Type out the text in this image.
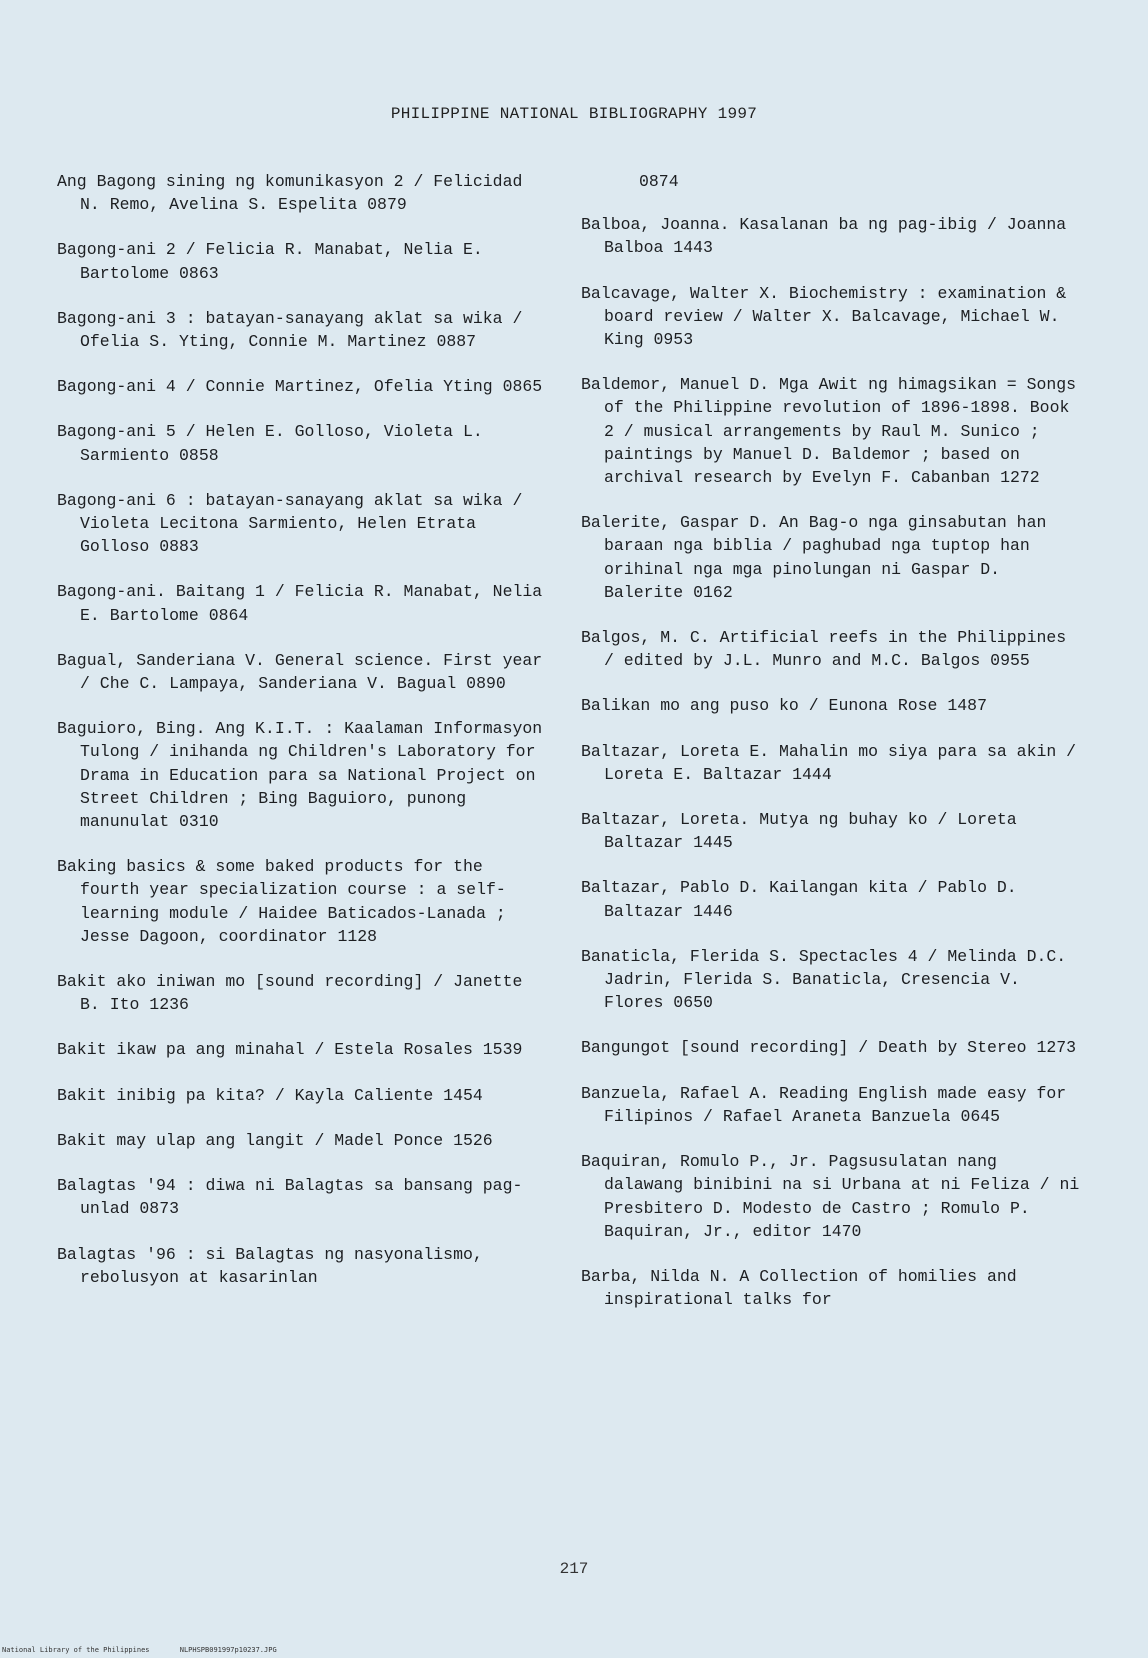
PHILIPPINE NATIONAL BIBLIOGRAPHY 1997
Ang Bagong sining ng komunikasyon 2 / Felicidad N. Remo, Avelina S. Espelita 0879
Bagong-ani 2 / Felicia R. Manabat, Nelia E. Bartolome 0863
Bagong-ani 3 : batayan-sanayang aklat sa wika / Ofelia S. Yting, Connie M. Martinez 0887
Bagong-ani 4 / Connie Martinez, Ofelia Yting 0865
Bagong-ani 5 / Helen E. Golloso, Violeta L. Sarmiento 0858
Bagong-ani 6 : batayan-sanayang aklat sa wika / Violeta Lecitona Sarmiento, Helen Etrata Golloso 0883
Bagong-ani. Baitang 1 / Felicia R. Manabat, Nelia E. Bartolome 0864
Bagual, Sanderiana V. General science. First year / Che C. Lampaya, Sanderiana V. Bagual 0890
Baguioro, Bing. Ang K.I.T. : Kaalaman Informasyon Tulong / inihanda ng Children's Laboratory for Drama in Education para sa National Project on Street Children ; Bing Baguioro, punong manunulat 0310
Baking basics & some baked products for the fourth year specialization course : a self-learning module / Haidee Baticados-Lanada ; Jesse Dagoon, coordinator 1128
Bakit ako iniwan mo [sound recording] / Janette B. Ito 1236
Bakit ikaw pa ang minahal / Estela Rosales 1539
Bakit inibig pa kita? / Kayla Caliente 1454
Bakit may ulap ang langit / Madel Ponce 1526
Balagtas '94 : diwa ni Balagtas sa bansang pag-unlad 0873
Balagtas '96 : si Balagtas ng nasyonalismo, rebolusyon at kasarinlan
0874
Balboa, Joanna. Kasalanan ba ng pag-ibig / Joanna Balboa 1443
Balcavage, Walter X. Biochemistry : examination & board review / Walter X. Balcavage, Michael W. King 0953
Baldemor, Manuel D. Mga Awit ng himagsikan = Songs of the Philippine revolution of 1896-1898. Book 2 / musical arrangements by Raul M. Sunico ; paintings by Manuel D. Baldemor ; based on archival research by Evelyn F. Cabanban 1272
Balerite, Gaspar D. An Bag-o nga ginsabutan han baraan nga biblia / paghubad nga tuptop han orihinal nga mga pinolungan ni Gaspar D. Balerite 0162
Balgos, M. C. Artificial reefs in the Philippines / edited by J.L. Munro and M.C. Balgos 0955
Balikan mo ang puso ko / Eunona Rose 1487
Baltazar, Loreta E. Mahalin mo siya para sa akin / Loreta E. Baltazar 1444
Baltazar, Loreta. Mutya ng buhay ko / Loreta Baltazar 1445
Baltazar, Pablo D. Kailangan kita / Pablo D. Baltazar 1446
Banaticla, Flerida S. Spectacles 4 / Melinda D.C. Jadrin, Flerida S. Banaticla, Cresencia V. Flores 0650
Bangungot [sound recording] / Death by Stereo 1273
Banzuela, Rafael A. Reading English made easy for Filipinos / Rafael Araneta Banzuela 0645
Baquiran, Romulo P., Jr. Pagsusulatan nang dalawang binibini na si Urbana at ni Feliza / ni Presbitero D. Modesto de Castro ; Romulo P. Baquiran, Jr., editor 1470
Barba, Nilda N. A Collection of homilies and inspirational talks for
217
National Library of the Philippines	NLPHSPB091997p10237.JPG
